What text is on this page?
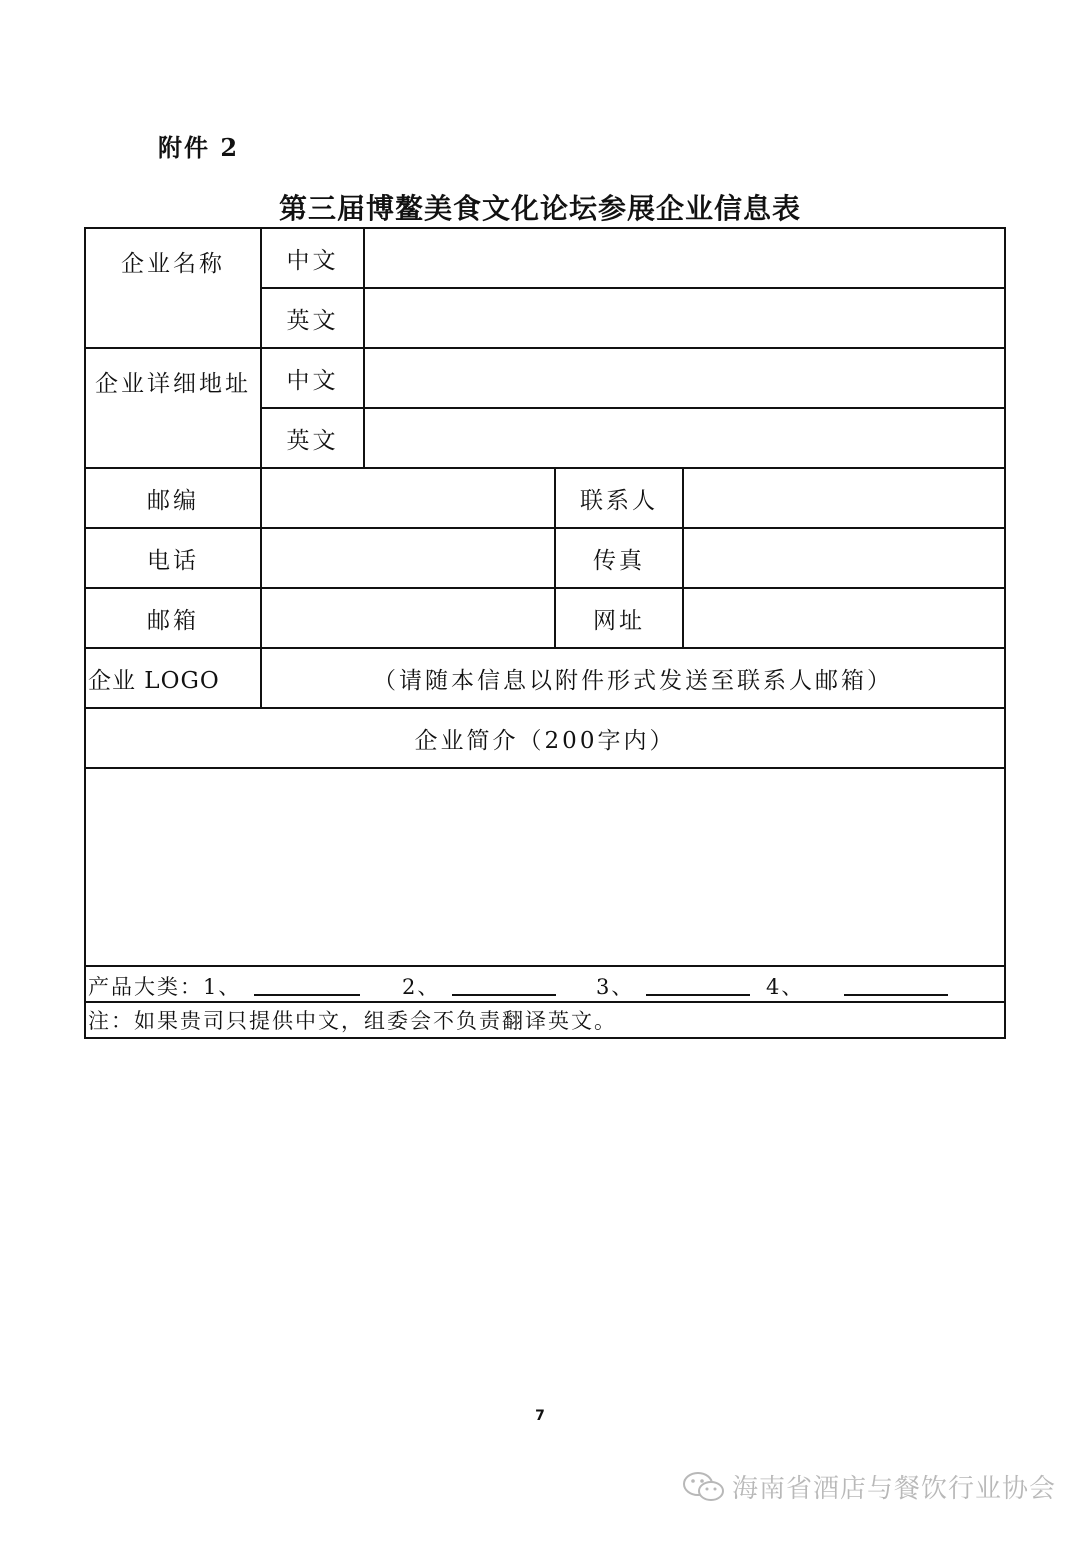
附件 2
第三届博鳌美食文化论坛参展企业信息表
企业名称	中文
英文
企业详细地址	中文
英文
邮编	联系人
电话	传真
邮箱	网址
企业 LOGO	（请随本信息以附件形式发送至联系人邮箱）
企业简介（200字内）
产品大类：1、	2、	3、	4、
注：如果贵司只提供中文，组委会不负责翻译英文。
7
海南省酒店与餐饮行业协会
